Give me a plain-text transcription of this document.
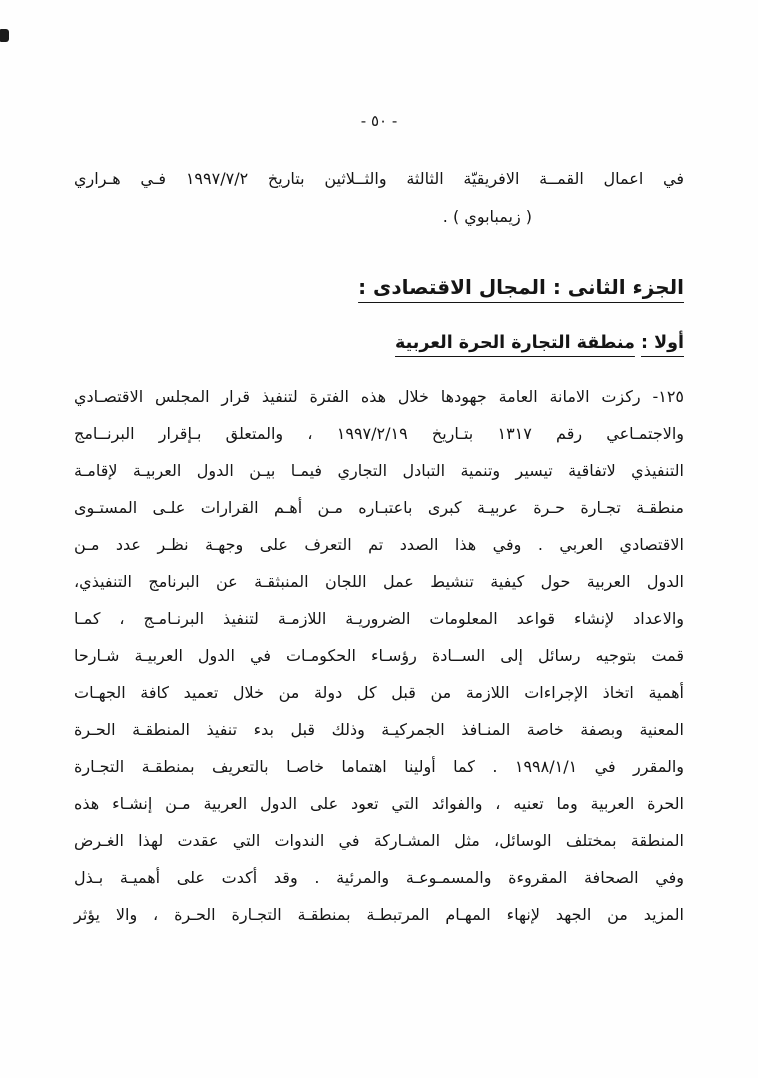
- ٥٠ -
في اعمال القمــة الافريقيّة الثالثة والثــلاثين بتاريخ ١٩٩٧/٧/٢ فـي هـراري
( زيمبابوي ) .
الجزء الثانى : المجال الاقتصادى :
أولا : منطقة التجارة الحرة العربية
١٢٥- ركزت الامانة العامة جهودها خلال هذه الفترة لتنفيذ قرار المجلس الاقتصـادي
والاجتمـاعي رقم ١٣١٧ بتـاريخ ١٩٩٧/٢/١٩ ، والمتعلق بـإقرار البرنــامج
التنفيذي لاتفاقية تيسير وتنمية التبادل التجاري فيمـا بيـن الدول العربيـة لإقامـة
منطقـة تجـارة حـرة عربيـة كبرى باعتبـاره مـن أهـم القرارات علـى المستـوى
الاقتصادي العربي . وفي هذا الصدد تم التعرف على وجهـة نظـر عدد مـن
الدول العربية حول كيفية تنشيط عمل اللجان المنبثقـة عن البرنامج التنفيذي،
والاعداد لإنشاء قواعد المعلومات الضروريـة اللازمـة لتنفيذ البرنـامـج ، كمـا
قمت بتوجيه رسائل إلى الســادة رؤسـاء الحكومـات في الدول العربيـة شـارحا
أهمية اتخاذ الإجراءات اللازمة من قبل كل دولة من خلال تعميد كافة الجهـات
المعنية وبصفة خاصة المنـافذ الجمركيـة وذلك قبل بدء تنفيذ المنطقـة الحـرة
والمقرر في ١٩٩٨/١/١ . كما أولينا اهتماما خاصـا بالتعريف بمنطقـة التجـارة
الحرة العربية وما تعنيه ، والفوائد التي تعود على الدول العربية مـن إنشـاء هذه
المنطقة بمختلف الوسائل، مثل المشـاركة في الندوات التي عقدت لهذا الغـرض
وفي الصحافة المقروءة والمسمـوعـة والمرئية . وقد أكدت على أهميـة بـذل
المزيد من الجهد لإنهاء المهـام المرتبطـة بمنطقـة التجـارة الحـرة ، والا يؤثر
